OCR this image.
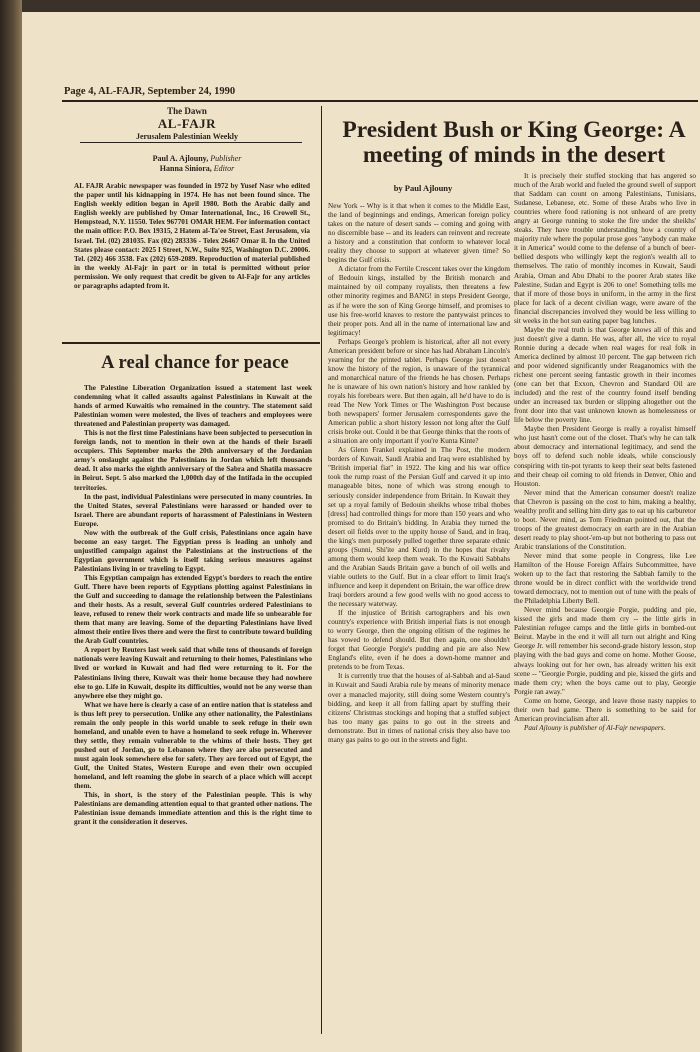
Page 4, AL-FAJR, September 24, 1990
The Dawn
AL-FAJR
Jerusalem Palestinian Weekly
Paul A. Ajlouny, Publisher
Hanna Siniora, Editor
AL FAJR Arabic newspaper was founded in 1972 by Yusef Nasr who edited the paper until his kidnapping in 1974. He has not been found since. The English weekly edition began in April 1980. Both the Arabic daily and English weekly are published by Omar International, Inc., 16 Crowell St., Hempstead, N.Y. 11550. Telex 967701 OMAR HEM. For information contact the main office: P.O. Box 19315, 2 Hatem al-Ta'ee Street, East Jerusalem, via Israel. Tel. (02) 281035. Fax (02) 283336 - Telex 26467 Omar il. In the United States please contact: 2025 I Street, N.W., Suite 925, Washington D.C. 20006. Tel. (202) 466 3538. Fax (202) 659-2089. Reproduction of material published in the weekly Al-Fajr in part or in total is permitted without prior permission. We only request that credit be given to Al-Fajr for any articles or paragraphs adapted from it.
A real chance for peace

The Palestine Liberation Organization issued a statement last week condemning what it called assaults against Palestinians in Kuwait at the hands of armed Kuwaitis who remained in the country. The statement said Palestinian women were molested, the lives of teachers and employees were threatened and Palestinian property was damaged.

This is not the first time Palestinians have been subjected to persecution in foreign lands, not to mention in their own at the hands of their Israeli occupiers. This September marks the 20th anniversary of the Jordanian army's onslaught against the Palestinians in Jordan which left thousands dead. It also marks the eighth anniversary of the Sabra and Shatila massacre in Beirut. Sept. 5 also marked the 1,000th day of the Intifada in the occupied territories.

In the past, individual Palestinians were persecuted in many countries. In the United States, several Palestinians were harassed or handed over to Israel. There are abundant reports of harassment of Palestinians in Western Europe.

Now with the outbreak of the Gulf crisis, Palestinians once again have become an easy target. The Egyptian press is leading an unholy and unjustified campaign against the Palestinians at the instructions of the Egyptian government which is itself taking serious measures against Palestinians living in or traveling to Egypt.

This Egyptian campaign has extended Egypt's borders to reach the entire Gulf. There have been reports of Egyptians plotting against Palestinians in the Gulf and succeeding to damage the relationship between the Palestinians and their hosts. As a result, several Gulf countries ordered Palestinians to leave, refused to renew their work contracts and made life so unbearable for them that many are leaving. Some of the departing Palestinians have lived almost their entire lives there and were the first to contribute toward building the Arab Gulf countries.

A report by Reuters last week said that while tens of thousands of foreign nationals were leaving Kuwait and returning to their homes, Palestinians who lived or worked in Kuwait and had fled were returning to it. For the Palestinians living there, Kuwait was their home because they had nowhere else to go. Life in Kuwait, despite its difficulties, would not be any worse than anywhere else they might go.

What we have here is clearly a case of an entire nation that is stateless and is thus left prey to persecution. Unlike any other nationality, the Palestinians remain the only people in this world unable to seek refuge in their own homeland, and unable even to have a homeland to seek refuge in. Wherever they settle, they remain vulnerable to the whims of their hosts. They get pushed out of Jordan, go to Lebanon where they are also persecuted and must again look somewhere else for safety. They are forced out of Egypt, the Gulf, the United States, Western Europe and even their own occupied homeland, and left roaming the globe in search of a place which will accept them.

This, in short, is the story of the Palestinian people. This is why Palestinians are demanding attention equal to that granted other nations. The Palestinian issue demands immediate attention and this is the right time to grant it the consideration it deserves.

President Bush or King George: A meeting of minds in the desert
by Paul Ajlouny

New York -- Why is it that when it comes to the Middle East, the land of beginnings and endings, American foreign policy takes on the nature of desert sands -- coming and going with no discernible base -- and its leaders can reinvent and recreate a history and a constitution that conform to whatever local reality they choose to support at whatever given time? So begins the Gulf crisis.

A dictator from the Fertile Crescent takes over the kingdom of Bedouin kings, installed by the British monarch and maintained by oil company royalists, then threatens a few other minority regimes and BANG! in steps President George, as if he were the son of King George himself, and promises to use his free-world knaves to restore the pantywaist princes to their proper pots. And all in the name of international law and legitimacy!

Perhaps George's problem is historical, after all not every American president before or since has had Abraham Lincoln's yearning for the printed tablet. Perhaps George just doesn't know the history of the region, is unaware of the tyrannical and monarchical nature of the friends he has chosen. Perhaps he is unaware of his own nation's history and how rankled by royals his forebears were. But then again, all he'd have to do is read The New York Times or The Washington Post because both newspapers' former Jerusalem correspondents gave the American public a short history lesson not long after the Gulf crisis broke out. Could it be that George thinks that the roots of a situation are only important if you're Kunta Kinte?

As Glenn Frankel explained in The Post, the modern borders of Kuwait, Saudi Arabia and Iraq were established by "British imperial fiat" in 1922. The king and his war office took the rump roast of the Persian Gulf and carved it up into manageable bites, none of which was strong enough to seriously consider independence from Britain. In Kuwait they set up a royal family of Bedouin sheikhs whose tribal thobes [dress] had controlled things for more than 150 years and who promised to do Britain's bidding. In Arabia they turned the desert oil fields over to the uppity house of Saud, and in Iraq, the king's men purposely pulled together three separate ethnic groups (Sunni, Shi'ite and Kurd) in the hopes that rivalry among them would keep them weak. To the Kuwaiti Sabbahs and the Arabian Sauds Britain gave a bunch of oil wells and viable outlets to the Gulf. But in a clear effort to limit Iraq's influence and keep it dependent on Britain, the war office drew Iraqi borders around a few good wells with no good access to the necessary waterway.

If the injustice of British cartographers and his own country's experience with British imperial fiats is not enough to worry George, then the ongoing elitism of the regimes he has vowed to defend should. But then again, one shouldn't forget that Georgie Porgie's pudding and pie are also New England's elite, even if he does a down-home manner and pretends to be from Texas.

It is currently true that the houses of al-Sabbah and al-Saud in Kuwait and Saudi Arabia rule by means of minority menace over a manacled majority, still doing some Western country's bidding, and keep it all from falling apart by stuffing their citizens' Christmas stockings and hoping that a stuffed subject has too many gas pains to go out in the streets and demonstrate. But in times of national crisis they also have too many gas pains to go out in the streets and fight.

It is precisely their stuffed stocking that has angered so much of the Arab world and fueled the ground swell of support that Saddam can count on among Palestinians, Tunisians, Sudanese, Lebanese, etc. Some of these Arabs who live in countries where food rationing is not unheard of are pretty angry at George running to stoke the fire under the sheikhs' steaks. They have trouble understanding how a country of majority rule where the popular prose goes "anybody can make it in America" would come to the defense of a bunch of beer-bellied despots who willingly kept the region's wealth all to themselves. The ratio of monthly incomes in Kuwait, Saudi Arabia, Oman and Abu Dhabi to the poorer Arab states like Palestine, Sudan and Egypt is 206 to one! Something tells me that if more of those boys in uniform, in the army in the first place for lack of a decent civilian wage, were aware of the financial discrepancies involved they would be less willing to sit weeks in the hot sun eating paper bag lunches.

Maybe the real truth is that George knows all of this and just doesn't give a damn. He was, after all, the vice to royal Ronnie during a decade when real wages for real folk in America declined by almost 10 percent. The gap between rich and poor widened significantly under Reaganomics with the richest one percent seeing fantastic growth in their incomes (one can bet that Exxon, Chevron and Standard Oil are included) and the rest of the country found itself bending under an increased tax burden or slipping altogether out the front door into that vast unknown known as homelessness or life below the poverty line.

Maybe then President George is really a royalist himself who just hasn't come out of the closet. That's why he can talk about democracy and international legitimacy, and send the boys off to defend such noble ideals, while consciously conspiring with tin-pot tyrants to keep their seat belts fastened and their cheap oil coming to old friends in Denver, Ohio and Houston.

Never mind that the American consumer doesn't realize that Chevron is passing on the cost to him, making a healthy, wealthy profit and selling him dirty gas to eat up his carburetor to boot. Never mind, as Tom Friedman pointed out, that the troops of the greatest democracy on earth are in the Arabian desert ready to play shoot-'em-up but not bothering to pass out Arabic translations of the Constitution.

Never mind that some people in Congress, like Lee Hamilton of the House Foreign Affairs Subcommittee, have woken up to the fact that restoring the Sabbah family to the throne would be in direct conflict with the worldwide trend toward democracy, not to mention out of tune with the peals of the Philadelphia Liberty Bell.

Never mind because Georgie Porgie, pudding and pie, kissed the girls and made them cry -- the little girls in Palestinian refugee camps and the little girls in bombed-out Beirut. Maybe in the end it will all turn out alright and King George Jr. will remember his second-grade history lesson, stop playing with the bad guys and come on home. Mother Goose, always looking out for her own, has already written his exit scene -- "Georgie Porgie, pudding and pie, kissed the girls and made them cry; when the boys came out to play, Georgie Porgie ran away."

Come on home, George, and leave those nasty nappies to their own bad game. There is something to be said for American provincialism after all.

Paul Ajlouny is publisher of Al-Fajr newspapers.
